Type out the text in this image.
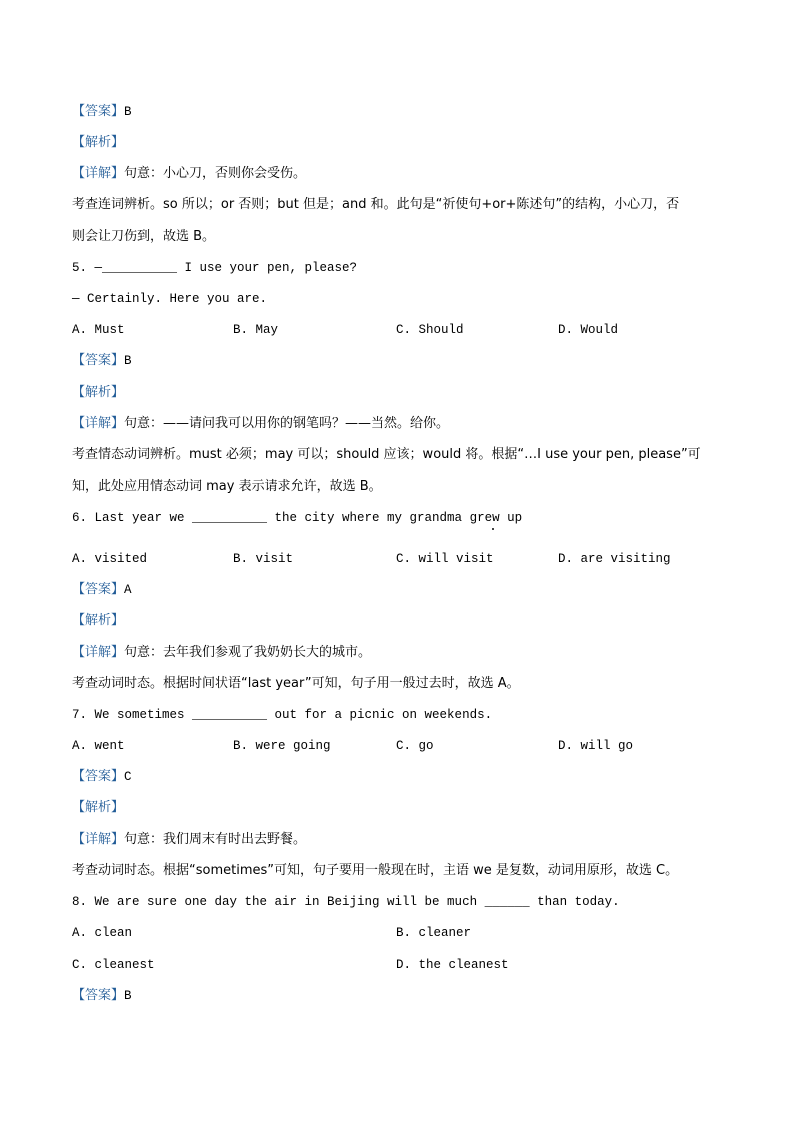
【答案】B
【解析】
【详解】句意：小心刀，否则你会受伤。
考查连词辨析。so 所以；or 否则；but 但是；and 和。此句是“祈使句+or+陈述句”的结构，小心刀，否
则会让刀伤到，故选 B。
5. —__________ I use your pen, please?
— Certainly. Here you are.
A. Must	B. May	C. Should	D. Would
【答案】B
【解析】
【详解】句意：——请问我可以用你的钢笔吗？——当然。给你。
考查情态动词辨析。must 必须；may 可以；should 应该；would 将。根据“…I use your pen, please”可
知，此处应用情态动词 may 表示请求允许，故选 B。
6. Last year we __________ the city where my grandma grew up
A. visited	B. visit	C. will visit	D. are visiting
【答案】A
【解析】
【详解】句意：去年我们参观了我奶奶长大的城市。
考查动词时态。根据时间状语“last year”可知，句子用一般过去时，故选 A。
7. We sometimes __________ out for a picnic on weekends.
A. went	B. were going	C. go	D. will go
【答案】C
【解析】
【详解】句意：我们周末有时出去野餐。
考查动词时态。根据“sometimes”可知，句子要用一般现在时，主语 we 是复数，动词用原形，故选 C。
8. We are sure one day the air in Beijing will be much ______ than today.
A. clean	B. cleaner
C. cleanest	D. the cleanest
【答案】B
